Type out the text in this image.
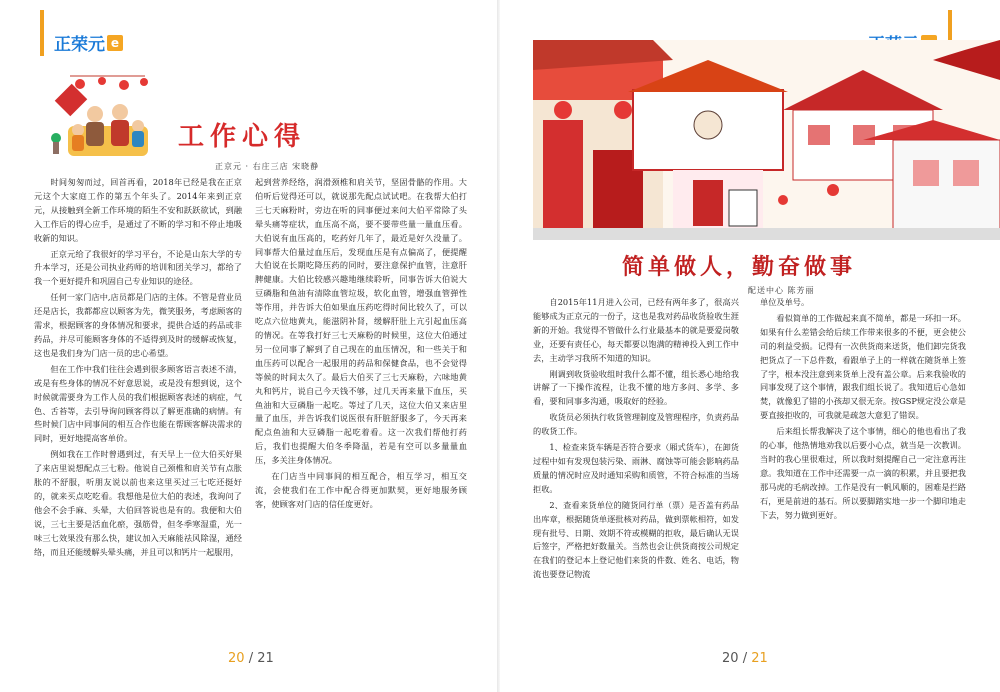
正荣元 e
工作心得
正京元 · 右庄三店 宋晓静

时间匆匆而过，回首再看，2018年已经是我在正京元这个大家庭工作的第五个年头了。2014年来到正京元，从接触到全新工作环境的陌生不安和跃跃欲试，到融入工作后的得心应手，是通过了不断的学习和不停止地吸收新的知识。

正京元给了我很好的学习平台，不论是山东大学的专升本学习，还是公司执业药师的培训和团关学习，都给了我一个更好提升和巩固自己专业知识的途径。

任何一家门店中,店员都是门店的主体。不管是营业员还是店长，我都都应以顾客为先，微笑服务，考虑顾客的需求，根据顾客的身体情况和要求，提供合适的药品或非药品，并尽可能顾客身体的不适得到及时的缓解或恢复，这也是我们身为门店一员的忠心希望。

但在工作中我们往往会遇到很多顾客语言表述不清，或是有些身体的情况不好意思说，或是没有想到说，这个时候就需要身为工作人员的我们根据顾客表述的病症，气色、舌苔等，去引导询问顾客得以了解更准确的病情。有些时候门店中同事间的相互合作也能在帮顾客解决需求的同时，更好地提高客单价。

例如我在工作时曾遇到过，有天早上一位大伯买好果了来店里说想配点三七粉。他说自己颈椎和肩关节有点胀胀的不舒服，听朋友说以前也来这里买过三七吃还挺好的，就来买点吃吃看。我想他是位大伯的表述，我询问了他会不会手麻、头晕，大伯回答说也是有的。我便和大伯说，三七主要是活血化瘀，强筋骨，但冬季寒湿重，光一味三七效果没有那么快，建议加入天麻能祛风除湿，通经络，而且还能缓解头晕头痛，并且可以和钙片一起服用，

起到营养经络，润滑颈椎和肩关节，坚固骨骼的作用。大伯听后觉得还可以，就说那先配点试试吧。在我帮大伯打三七天麻粉时，旁边在听的同事便过来问大伯平常除了头晕头痛等症状，血压高不高，要不要带些量一量血压看。大伯说有血压高的，吃药好几年了，最近是好久没量了。同事帮大伯量过血压后，发现血压是有点偏高了，便提醒大伯说在长期吃降压药的同时，要注意保护血管，注意肝脾健康。大伯比较感兴趣地继续聆听，同事告诉大伯说大豆磷脂和鱼油有清除血管垃圾，软化血管，增强血管弹性等作用，并告诉大伯如果血压药吃得时间比较久了，可以吃点六位地黄丸，能滋阴补肾，缓解肝肚上亢引起血压高的情况。在等我打好三七天麻粉的时候里，这位大伯通过另一位同事了解到了自己现在的血压情况，和一些关于和血压药可以配合一起服用的药品和保健食品，也不会觉得等候的时间太久了。最后大伯买了三七天麻粉，六味地黄丸和钙片，说自己今天钱不够，过几天再来量下血压，买鱼油和大豆磷脂一起吃。等过了几天，这位大伯又来店里量了血压，并告诉我们说医很有肝脏舒服多了，今天再来配点鱼油和大豆磷脂一起吃着看。这一次我们帮他打药后，我们也提醒大伯冬季降温，若是有空可以多量量血压，多关注身体情况。

在门店当中同事间的相互配合，相互学习，相互交流，会使我们在工作中配合得更加默契，更好地服务顾客，使顾客对门店的信任度更好。

20 / 21
简单做人，勤奋做事
配送中心 陈芳丽

自2015年11月进入公司，已经有两年多了，很高兴能够成为正京元的一份子，这也是我对药品收货验收生涯新的开始。我觉得不管做什么行业最基本的就是要爱岗敬业，还要有责任心，每天都要以饱满的精神投入到工作中去，主动学习我所不知道的知识。

刚调到收货验收组时我什么都不懂，组长悉心地给我讲解了一下操作流程，让我不懂的地方多问、多学、多看，要和同事多沟通，吸取好的经验。

收货员必须执行收货管理制度及管理程序，负责药品的收货工作。

1、检查来货车辆是否符合要求（厢式货车），在卸货过程中如有发现包装污染、雨淋、腐蚀等可能会影响药品质量的情况时应及时通知采购和质管，不符合标准的当场拒收。

2、查看来货单位的随货同行单（票）是否盖有药品出库章，根据随货单逐批核对药品，做到票帐相符，如发现有批号、日期、效期不符或模糊的拒收，最后确认无误后签字，严格把好数量关。当然也会让供货商按公司规定在我们的登记本上登记他们来货的件数、姓名、电话，物流也要登记物流

单位及单号。

看似简单的工作做起来真不简单，都是一环扣一环。如果有什么差错会给后续工作带来很多的不便，更会使公司的利益受损。记得有一次供货商来送货，他们卸完货我把货点了一下总件数，看跟单子上的一样就在随货单上签了字，根本没注意到来货单上没有盖公章。后来我验收的同事发现了这个事情，跟我们组长说了。我知道后心急如焚，就像犯了错的小孩却又很无奈。按GSP规定没公章是要直接拒收的，可我就是疏忽大意犯了错误。

后来组长帮我解决了这个事情，细心的他也看出了我的心事，他热情地劝我以后要小心点，就当是一次教训。当时的我心里很难过，所以我时刻提醒自己一定注意再注意。我知道在工作中还需要一点一滴的积累，并且要把我那马虎的毛病改掉。工作是没有一帆风顺的，困难是拦路石，更是前进的基石。所以要脚踏实地一步一个脚印地走下去，努力做到更好。

20 / 21
